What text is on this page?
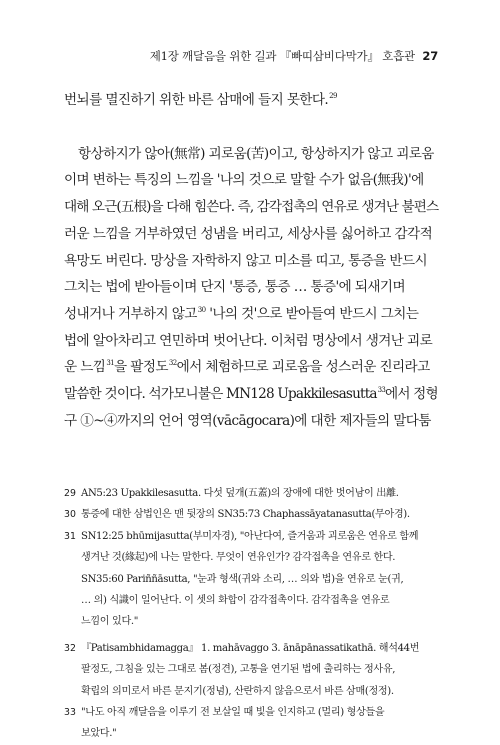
제1장 깨달음을 위한 길과 『빠띠삼비다막가』 호흡관 27

번뇌를 멸진하기 위한 바른 삼매에 들지 못한다.$^{29}$

항상하지가 않아(無常) 괴로움(苦)이고, 항상하지가 않고 괴로움

이며 변하는 특징의 느낌을 '나의 것으로 말할 수가 없음(無我)'에

대해 오근(五根)을 다해 힘쓴다. 즉, 감각접촉의 연유로 생겨난 불편스

러운 느낌을 거부하였던 성냄을 버리고, 세상사를 싫어하고 감각적

욕망도 버린다. 망상을 자학하지 않고 미소를 띠고, 통증을 반드시

그치는 법에 받아들이며 단지 '통증, 통증 … 통증'에 되새기며

성내거나 거부하지 않고$^{30}$ '나의 것'으로 받아들여 반드시 그치는

법에 알아차리고 연민하며 벗어난다. 이처럼 명상에서 생겨난 괴로

운 느낌$^{31}$을 팔정도$^{32}$에서 체험하므로 괴로움을 성스러운 진리라고

말씀한 것이다. 석가모니불은 MN128 Upakkilesasutta$^{33}$에서 정형

구 ①~④까지의 언어 영역(vācāgocara)에 대한 제자들의 말다툼

29 AN5:23 Upakkilesasutta. 다섯 덮개(五蓋)의 장애에 대한 벗어남이 出離.
30 통증에 대한 삼법인은 맨 뒷장의 SN35:73 Chaphassāyatanasutta(무아경).
31 SN12:25 bhūmijasutta(부미자경), "아난다여, 즐거움과 괴로움은 연유로 함께
생겨난 것(緣起)에 나는 말한다. 무엇이 연유인가? 감각접촉을 연유로 한다.
SN35:60 Pariññāsutta, "눈과 형색(귀와 소리, … 의와 법)을 연유로 눈(귀,
… 의) 식識이 일어난다. 이 셋의 화합이 감각접촉이다. 감각접촉을 연유로
느낌이 있다."
32 『Patisambhidamagga』 1. mahāvaggo 3. ānāpānassatikathā. 해석44번
팔정도, 그침을 있는 그대로 봄(정견), 고통을 연기된 법에 출리하는 정사유,
확립의 의미로서 바른 문지기(정념), 산란하지 않음으로서 바른 삼매(정정).
33 "나도 아직 깨달음을 이루기 전 보살일 때 빛을 인지하고 (멀리) 형상들을
보았다."
